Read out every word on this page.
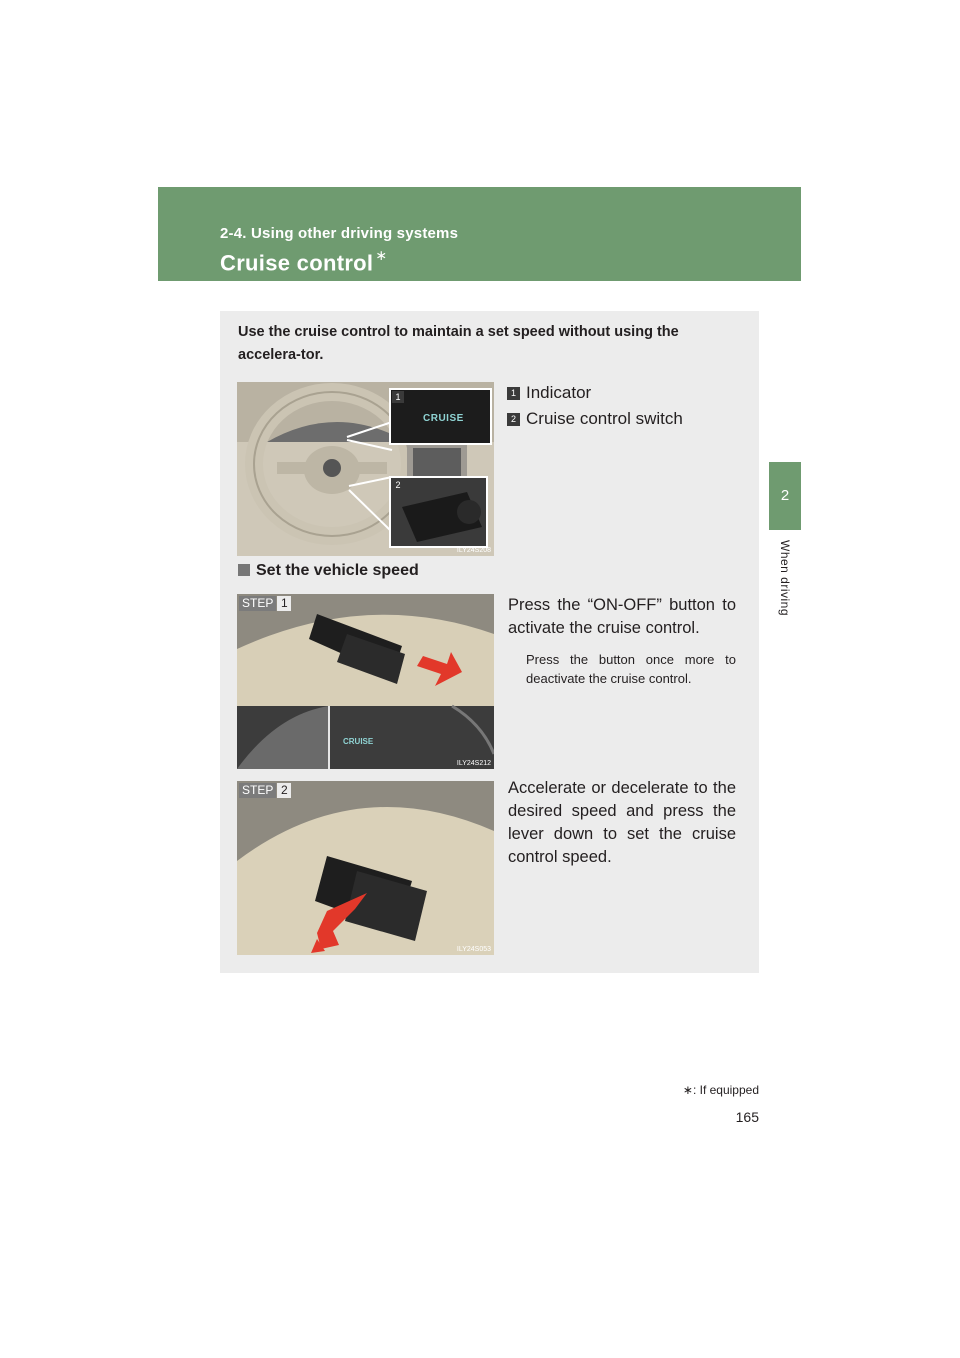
2-4. Using other driving systems
Cruise control ∗
2
When driving
Use the cruise control to maintain a set speed without using the accelera-tor.
CRUISE
1
2
ILY24S208
1 Indicator
2 Cruise control switch
Set the vehicle speed
CRUISE
STEP 1
ILY24S212
Press the “ON-OFF” button to activate the cruise control.
Press the button once more to deactivate the cruise control.
STEP 2
ILY24S053
Accelerate or decelerate to the desired speed and press the lever down to set the cruise control speed.
∗: If equipped
165
